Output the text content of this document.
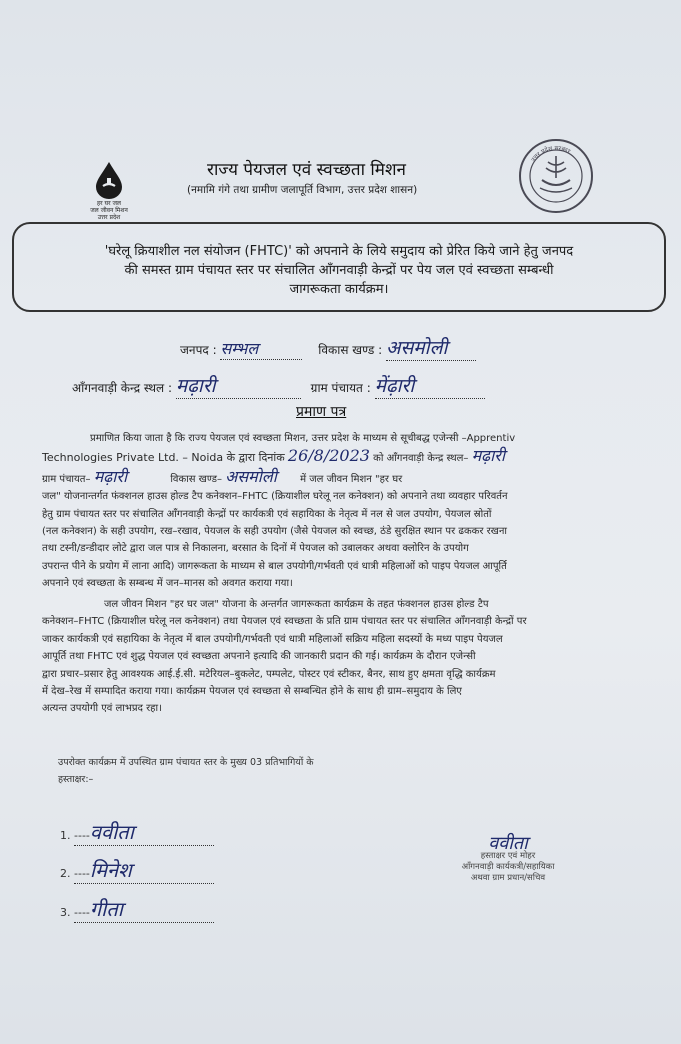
हर घर जल
जल जीवन मिशन
उत्तर प्रदेश
उत्तर प्रदेश सरकार
राज्य पेयजल एवं स्वच्छता मिशन
(नमामि गंगे तथा ग्रामीण जलापूर्ति विभाग, उत्तर प्रदेश शासन)
'घरेलू क्रियाशील नल संयोजन (FHTC)' को अपनाने के लिये समुदाय को प्रेरित किये जाने हेतु जनपद
की समस्त ग्राम पंचायत स्तर पर संचालित आँगनवाड़ी केन्द्रों पर पेय जल एवं स्वच्छता सम्बन्धी
जागरूकता कार्यक्रम।
जनपद : सम्भल	विकास खण्ड : असमोली
आँगनवाड़ी केन्द्र स्थल : मढ़ारी	ग्राम पंचायत : मेंढ़ारी
प्रमाण पत्र
प्रमाणित किया जाता है कि राज्य पेयजल एवं स्वच्छता मिशन, उत्तर प्रदेश के माध्यम से सूचीबद्ध एजेन्सी –Apprentiv
Technologies Private Ltd. – Noida के द्वारा दिनांक 26/8/2023 को आँगनवाड़ी केन्द्र स्थल– मढ़ारी
ग्राम पंचायत– मढ़ारी	विकास खण्ड– असमोली में जल जीवन मिशन "हर घर
जल" योजनान्तर्गत फंक्शनल हाउस होल्ड टैप कनेक्शन–FHTC (क्रियाशील घरेलू नल कनेक्शन) को अपनाने तथा व्यवहार परिवर्तन
हेतु ग्राम पंचायत स्तर पर संचालित आँगनवाड़ी केन्द्रों पर कार्यकत्री एवं सहायिका के नेतृत्व में नल से जल उपयोग, पेयजल स्रोतों
(नल कनेक्शन) के सही उपयोग, रख–रखाव, पेयजल के सही उपयोग (जैसे पेयजल को स्वच्छ, ठंडे सुरक्षित स्थान पर ढककर रखना
तथा टस्नी/डन्डीदार लोटे द्वारा जल पात्र से निकालना, बरसात के दिनों में पेयजल को उबालकर अथवा क्लोरिन के उपयोग
उपरान्त पीने के प्रयोग में लाना आदि) जागरूकता के माध्यम से बाल उपयोगी/गर्भवती एवं धात्री महिलाओं को पाइप पेयजल आपूर्ति
अपनाने एवं स्वच्छता के सम्बन्ध में जन–मानस को अवगत कराया गया।
जल जीवन मिशन "हर घर जल" योजना के अन्तर्गत जागरूकता कार्यक्रम के तहत फंक्शनल हाउस होल्ड टैप
कनेक्शन–FHTC (क्रियाशील घरेलू नल कनेक्शन) तथा पेयजल एवं स्वच्छता के प्रति ग्राम पंचायत स्तर पर संचालित आँगनवाड़ी केन्द्रों पर
जाकर कार्यकत्री एवं सहायिका के नेतृत्व में बाल उपयोगी/गर्भवती एवं धात्री महिलाओं सक्रिय महिला सदस्यों के मध्य पाइप पेयजल
आपूर्ति तथा FHTC एवं शुद्ध पेयजल एवं स्वच्छता अपनाने इत्यादि की जानकारी प्रदान की गई। कार्यक्रम के दौरान एजेन्सी
द्वारा प्रचार–प्रसार हेतु आवश्यक आई.ई.सी. मटेरियल–बुकलेट, पम्पलेट, पोस्टर एवं स्टीकर, बैनर, साथ हुए क्षमता वृद्धि कार्यक्रम
में देख–रेख में सम्पादित कराया गया। कार्यक्रम पेयजल एवं स्वच्छता से सम्बन्धित होने के साथ ही ग्राम–समुदाय के लिए
अत्यन्त उपयोगी एवं लाभप्रद रहा।
उपरोक्त कार्यक्रम में उपस्थित ग्राम पंचायत स्तर के मुख्य 03 प्रतिभागियों के
हस्ताक्षर:–
1. ----ववीता
2. ----मिनेश
3. ----गीता
ववीता
हस्ताक्षर एवं मोहर
आँगनवाड़ी कार्यकत्री/सहायिका
अथवा ग्राम प्रधान/सचिव
